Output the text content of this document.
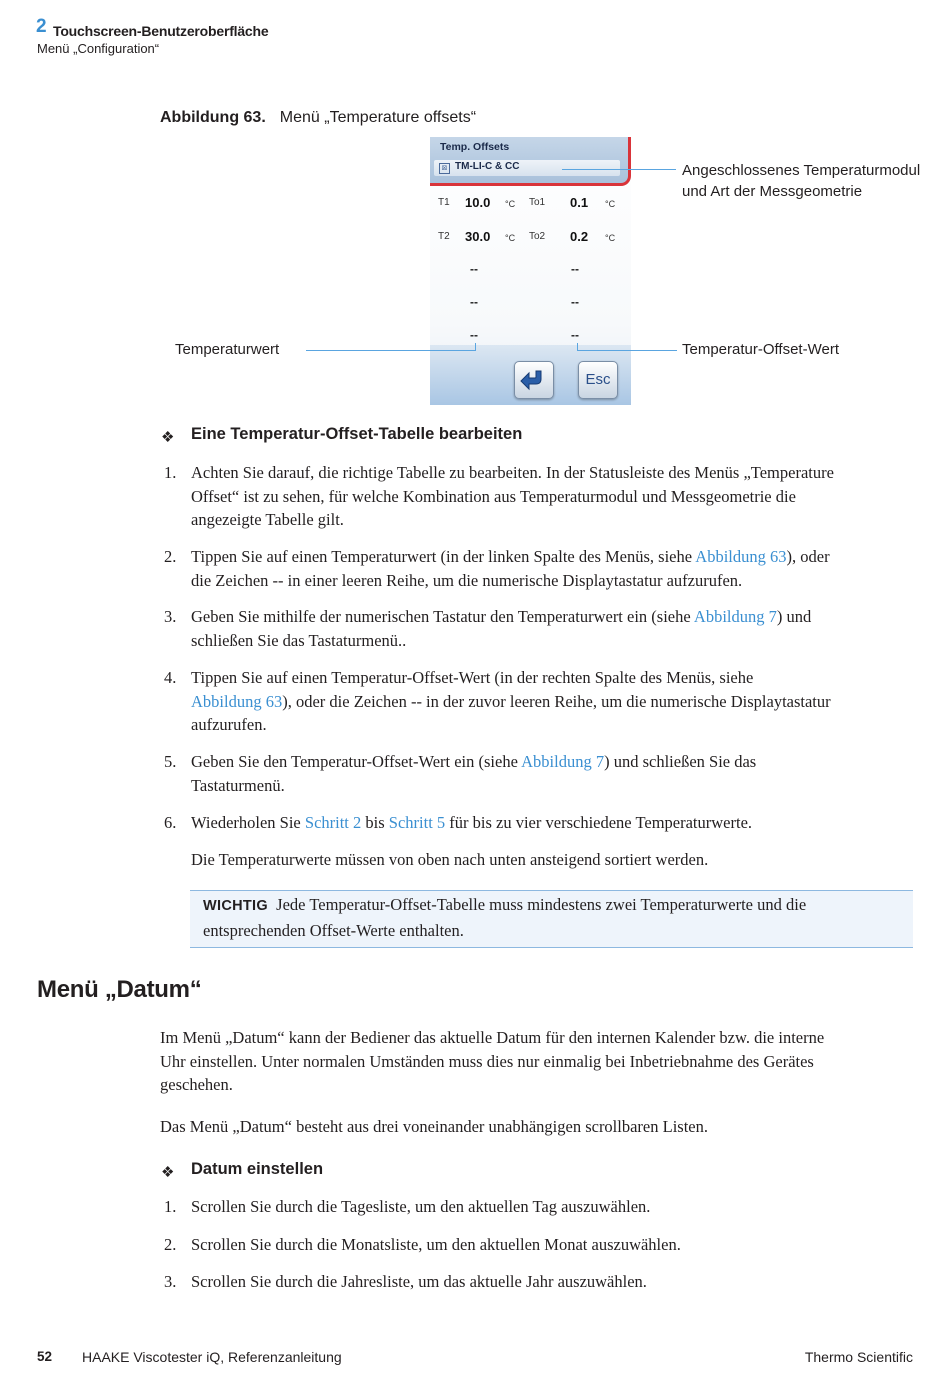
2 Touchscreen-Benutzeroberfläche
Menü „Configuration“
Abbildung 63. Menü „Temperature offsets“
Temp. Offsets
⊠ TM-LI-C & CC
T1 10.0 °C To1 0.1 °C
T2 30.0 °C To2 0.2 °C
--	--
--	--
--	--
Esc
Angeschlossenes Temperaturmodul
und Art der Messgeometrie
Temperaturwert	Temperatur-Offset-Wert
❖ Eine Temperatur-Offset-Tabelle bearbeiten
1. Achten Sie darauf, die richtige Tabelle zu bearbeiten. In der Statusleiste des Menüs „Temperature
Offset“ ist zu sehen, für welche Kombination aus Temperaturmodul und Messgeometrie die
angezeigte Tabelle gilt.
2. Tippen Sie auf einen Temperaturwert (in der linken Spalte des Menüs, siehe Abbildung 63), oder
die Zeichen -- in einer leeren Reihe, um die numerische Displaytastatur aufzurufen.
3. Geben Sie mithilfe der numerischen Tastatur den Temperaturwert ein (siehe Abbildung 7) und
schließen Sie das Tastaturmenü..
4. Tippen Sie auf einen Temperatur-Offset-Wert (in der rechten Spalte des Menüs, siehe
Abbildung 63), oder die Zeichen -- in der zuvor leeren Reihe, um die numerische Displaytastatur
aufzurufen.
5. Geben Sie den Temperatur-Offset-Wert ein (siehe Abbildung 7) und schließen Sie das
Tastaturmenü.
6. Wiederholen Sie Schritt 2 bis Schritt 5 für bis zu vier verschiedene Temperaturwerte.
Die Temperaturwerte müssen von oben nach unten ansteigend sortiert werden.
WICHTIG Jede Temperatur-Offset-Tabelle muss mindestens zwei Temperaturwerte und die
entsprechenden Offset-Werte enthalten.
Menü „Datum“
Im Menü „Datum“ kann der Bediener das aktuelle Datum für den internen Kalender bzw. die interne
Uhr einstellen. Unter normalen Umständen muss dies nur einmalig bei Inbetriebnahme des Gerätes
geschehen.
Das Menü „Datum“ besteht aus drei voneinander unabhängigen scrollbaren Listen.
❖ Datum einstellen
1. Scrollen Sie durch die Tagesliste, um den aktuellen Tag auszuwählen.
2. Scrollen Sie durch die Monatsliste, um den aktuellen Monat auszuwählen.
3. Scrollen Sie durch die Jahresliste, um das aktuelle Jahr auszuwählen.
52 HAAKE Viscotester iQ, Referenzanleitung	Thermo Scientific
